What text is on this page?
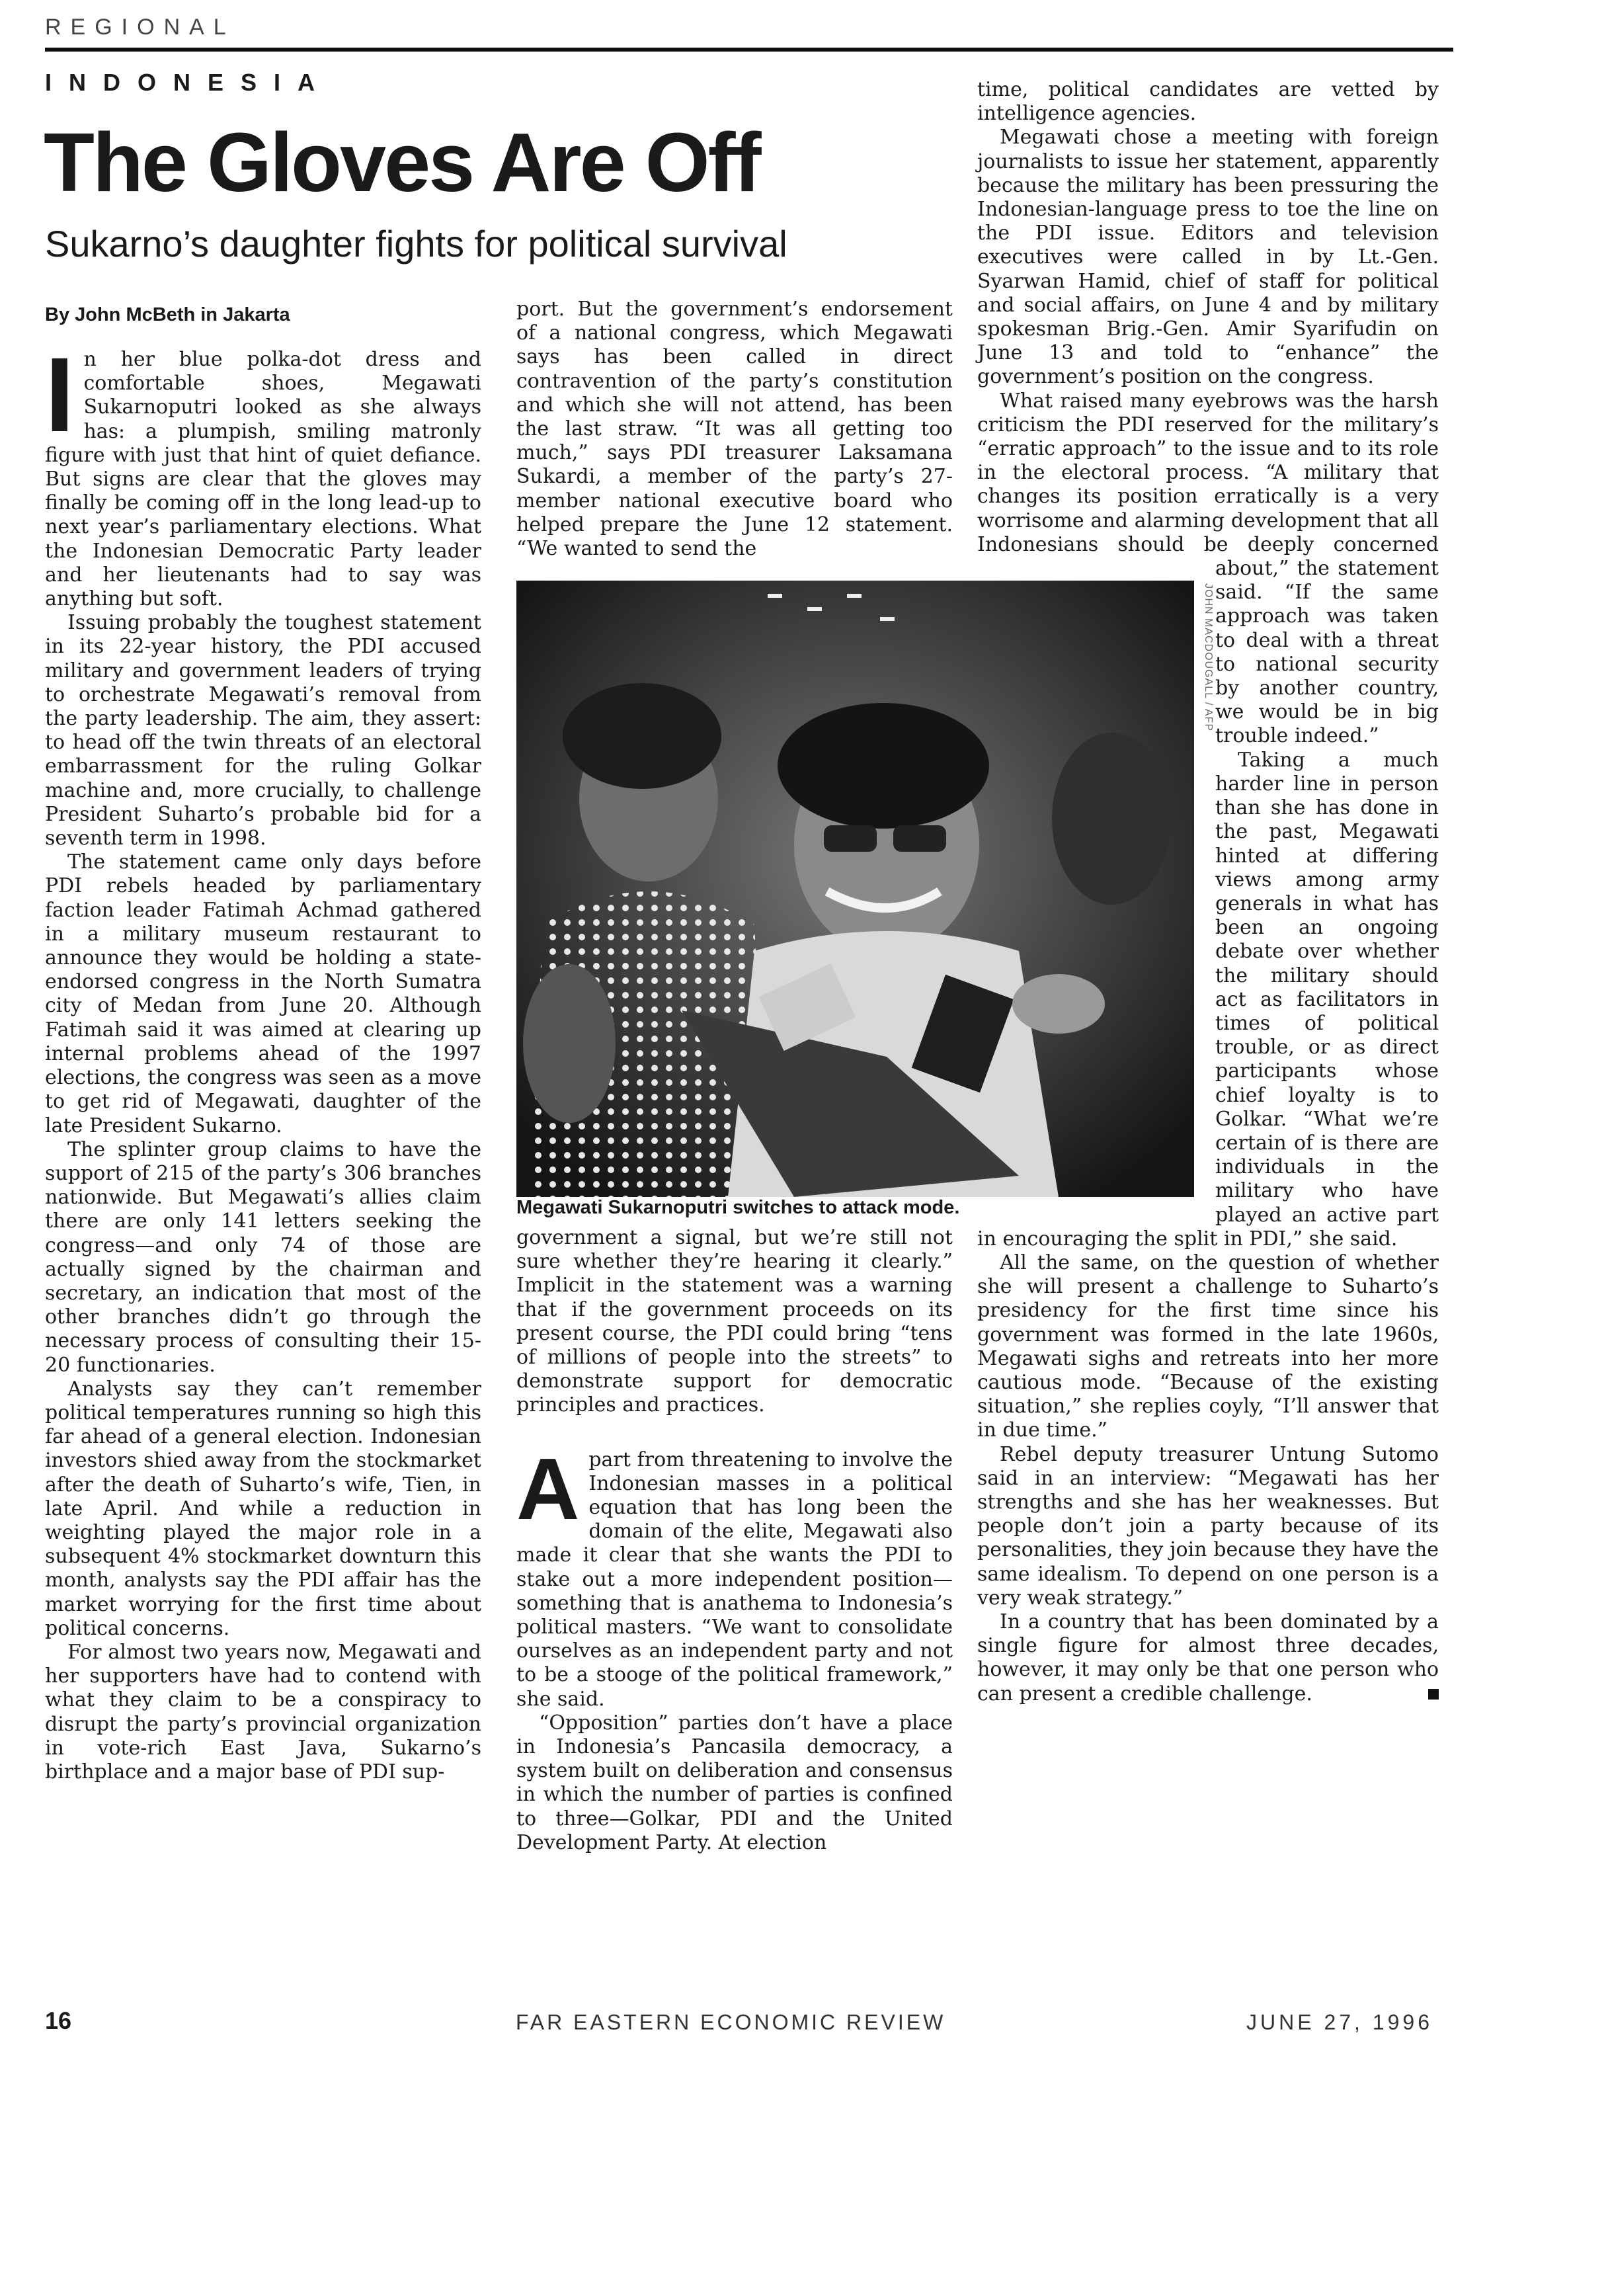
REGIONAL
INDONESIA
The Gloves Are Off
Sukarno’s daughter fights for political survival
By John McBeth in Jakarta

In her blue polka-dot dress and comfortable shoes, Megawati Sukarnoputri looked as she always has: a plumpish, smiling matronly figure with just that hint of quiet defiance. But signs are clear that the gloves may finally be coming off in the long lead-up to next year’s parliamentary elections. What the Indonesian Democratic Party leader and her lieutenants had to say was anything but soft.

Issuing probably the toughest statement in its 22-year history, the PDI accused military and government leaders of trying to orchestrate Megawati’s removal from the party leadership. The aim, they assert: to head off the twin threats of an electoral embarrassment for the ruling Golkar machine and, more crucially, to challenge President Suharto’s probable bid for a seventh term in 1998.

The statement came only days before PDI rebels headed by parliamentary faction leader Fatimah Achmad gathered in a military museum restaurant to announce they would be holding a state-endorsed congress in the North Sumatra city of Medan from June 20. Although Fatimah said it was aimed at clearing up internal problems ahead of the 1997 elections, the congress was seen as a move to get rid of Megawati, daughter of the late President Sukarno.

The splinter group claims to have the support of 215 of the party’s 306 branches nationwide. But Megawati’s allies claim there are only 141 letters seeking the congress—and only 74 of those are actually signed by the chairman and secretary, an indication that most of the other branches didn’t go through the necessary process of consulting their 15-20 functionaries.

Analysts say they can’t remember political temperatures running so high this far ahead of a general election. Indonesian investors shied away from the stockmarket after the death of Suharto’s wife, Tien, in late April. And while a reduction in weighting played the major role in a subsequent 4% stockmarket downturn this month, analysts say the PDI affair has the market worrying for the first time about political concerns.

For almost two years now, Megawati and her supporters have had to contend with what they claim to be a conspiracy to disrupt the party’s provincial organization in vote-rich East Java, Sukarno’s birthplace and a major base of PDI sup-

port. But the government’s endorsement of a national congress, which Megawati says has been called in direct contravention of the party’s constitution and which she will not attend, has been the last straw. “It was all getting too much,” says PDI treasurer Laksamana Sukardi, a member of the party’s 27-member national executive board who helped prepare the June 12 statement. “We wanted to send the

JOHN MACDOUGALL / AFP
Megawati Sukarnoputri switches to attack mode.

government a signal, but we’re still not sure whether they’re hearing it clearly.” Implicit in the statement was a warning that if the government proceeds on its present course, the PDI could bring “tens of millions of people into the streets” to demonstrate support for democratic principles and practices.

Apart from threatening to involve the Indonesian masses in a political equation that has long been the domain of the elite, Megawati also made it clear that she wants the PDI to stake out a more independent position—something that is anathema to Indonesia’s political masters. “We want to consolidate ourselves as an independent party and not to be a stooge of the political framework,” she said.

“Opposition” parties don’t have a place in Indonesia’s Pancasila democracy, a system built on deliberation and consensus in which the number of parties is confined to three—Golkar, PDI and the United Development Party. At election

time, political candidates are vetted by intelligence agencies.

Megawati chose a meeting with foreign journalists to issue her statement, apparently because the military has been pressuring the Indonesian-language press to toe the line on the PDI issue. Editors and television executives were called in by Lt.-Gen. Syarwan Hamid, chief of staff for political and social affairs, on June 4 and by military spokesman Brig.-Gen. Amir Syarifudin on June 13 and told to “enhance” the government’s position on the congress.

What raised many eyebrows was the harsh criticism the PDI reserved for the military’s “erratic approach” to the issue and to its role in the electoral process. “A military that changes its position erratically is a very worrisome and alarming development that all Indonesians should be deeply concerned about,” the statement said. “If the same approach was taken to deal with a threat to national security by another country, we would be in big trouble indeed.”

Taking a much harder line in person than she has done in the past, Megawati hinted at differing views among army generals in what has been an ongoing debate over whether the military should act as facilitators in times of political trouble, or as direct participants whose chief loyalty is to Golkar. “What we’re certain of is there are individuals in the military who have played an active part in encouraging the split in PDI,” she said.

All the same, on the question of whether she will present a challenge to Suharto’s presidency for the first time since his government was formed in the late 1960s, Megawati sighs and retreats into her more cautious mode. “Because of the existing situation,” she replies coyly, “I’ll answer that in due time.”

Rebel deputy treasurer Untung Sutomo said in an interview: “Megawati has her strengths and she has her weaknesses. But people don’t join a party because of its personalities, they join because they have the same idealism. To depend on one person is a very weak strategy.”

In a country that has been dominated by a single figure for almost three decades, however, it may only be that one person who can present a credible challenge.

16	FAR EASTERN ECONOMIC REVIEW	JUNE 27, 1996
